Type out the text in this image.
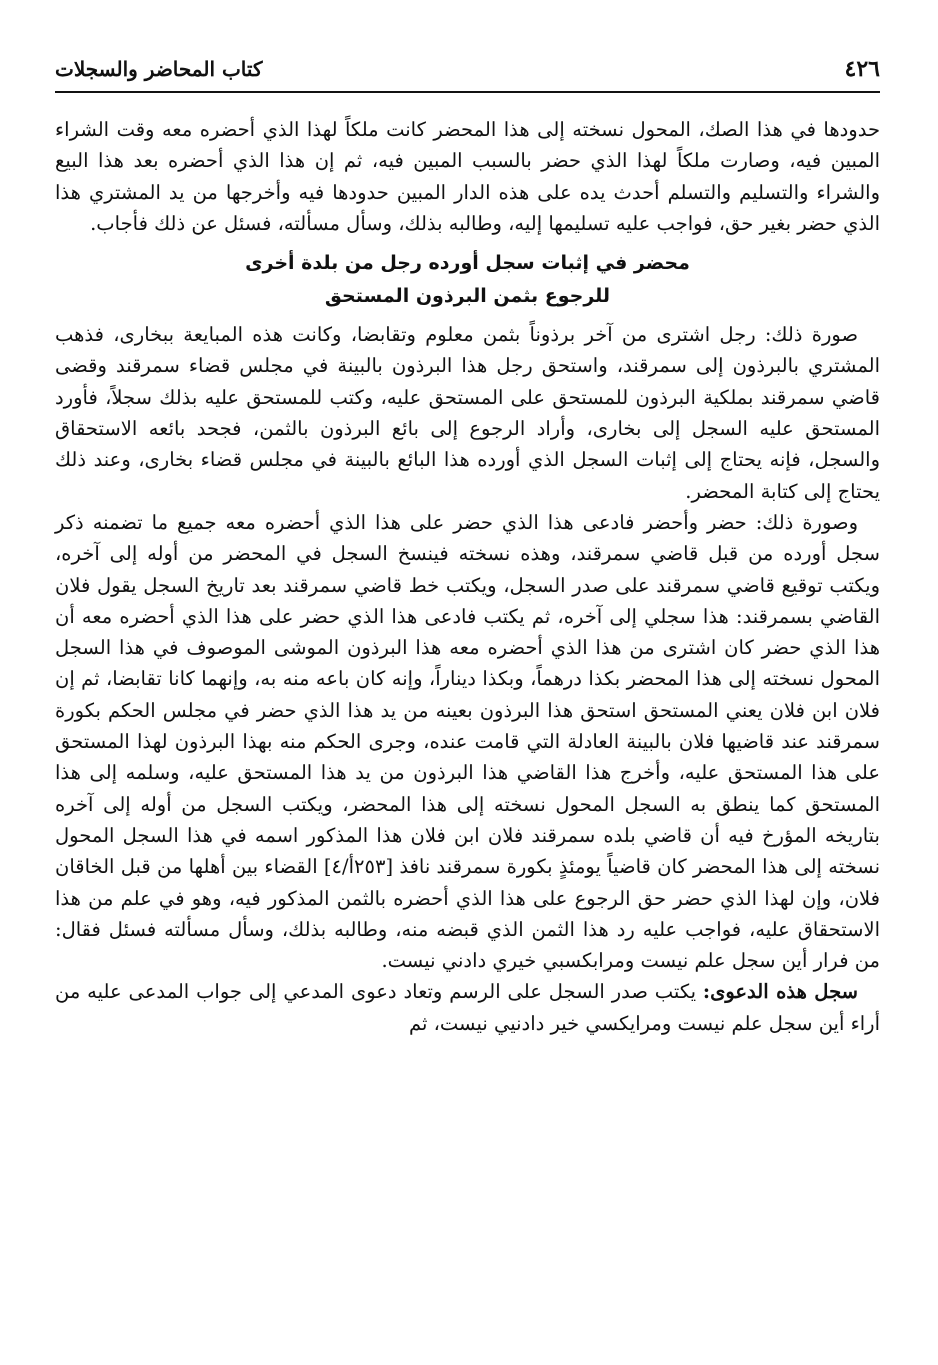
٤٢٦
كتاب المحاضر والسجلات

حدودها في هذا الصك، المحول نسخته إلى هذا المحضر كانت ملكاً لهذا الذي أحضره معه وقت الشراء المبين فيه، وصارت ملكاً لهذا الذي حضر بالسبب المبين فيه، ثم إن هذا الذي أحضره بعد هذا البيع والشراء والتسليم والتسلم أحدث يده على هذه الدار المبين حدودها فيه وأخرجها من يد المشتري هذا الذي حضر بغير حق، فواجب عليه تسليمها إليه، وطالبه بذلك، وسأل مسألته، فسئل عن ذلك فأجاب.

محضر في إثبات سجل أورده رجل من بلدة أخرى
للرجوع بثمن البرذون المستحق

صورة ذلك: رجل اشترى من آخر برذوناً بثمن معلوم وتقابضا، وكانت هذه المبايعة ببخارى، فذهب المشتري بالبرذون إلى سمرقند، واستحق رجل هذا البرذون بالبينة في مجلس قضاء سمرقند وقضى قاضي سمرقند بملكية البرذون للمستحق على المستحق عليه، وكتب للمستحق عليه بذلك سجلاً، فأورد المستحق عليه السجل إلى بخارى، وأراد الرجوع إلى بائع البرذون بالثمن، فجحد بائعه الاستحقاق والسجل، فإنه يحتاج إلى إثبات السجل الذي أورده هذا البائع بالبينة في مجلس قضاء بخارى، وعند ذلك يحتاج إلى كتابة المحضر.

وصورة ذلك: حضر وأحضر فادعى هذا الذي حضر على هذا الذي أحضره معه جميع ما تضمنه ذكر سجل أورده من قبل قاضي سمرقند، وهذه نسخته فينسخ السجل في المحضر من أوله إلى آخره، ويكتب توقيع قاضي سمرقند على صدر السجل، ويكتب خط قاضي سمرقند بعد تاريخ السجل يقول فلان القاضي بسمرقند: هذا سجلي إلى آخره، ثم يكتب فادعى هذا الذي حضر على هذا الذي أحضره معه أن هذا الذي حضر كان اشترى من هذا الذي أحضره معه هذا البرذون الموشى الموصوف في هذا السجل المحول نسخته إلى هذا المحضر بكذا درهماً، وبكذا ديناراً، وإنه كان باعه منه به، وإنهما كانا تقابضا، ثم إن فلان ابن فلان يعني المستحق استحق هذا البرذون بعينه من يد هذا الذي حضر في مجلس الحكم بكورة سمرقند عند قاضيها فلان بالبينة العادلة التي قامت عنده، وجرى الحكم منه بهذا البرذون لهذا المستحق على هذا المستحق عليه، وأخرج هذا القاضي هذا البرذون من يد هذا المستحق عليه، وسلمه إلى هذا المستحق كما ينطق به السجل المحول نسخته إلى هذا المحضر، ويكتب السجل من أوله إلى آخره بتاريخه المؤرخ فيه أن قاضي بلده سمرقند فلان ابن فلان هذا المذكور اسمه في هذا السجل المحول نسخته إلى هذا المحضر كان قاضياً يومئذٍ بكورة سمرقند نافذ [٢٥٣أ/٤] القضاء بين أهلها من قبل الخاقان فلان، وإن لهذا الذي حضر حق الرجوع على هذا الذي أحضره بالثمن المذكور فيه، وهو في علم من هذا الاستحقاق عليه، فواجب عليه رد هذا الثمن الذي قبضه منه، وطالبه بذلك، وسأل مسألته فسئل فقال: من فرار أين سجل علم نيست ومرابكسبي خيري دادني نيست.

سجل هذه الدعوى: يكتب صدر السجل على الرسم وتعاد دعوى المدعي إلى جواب المدعى عليه من أراء أين سجل علم نيست ومرايكسي خير دادنيي نيست، ثم
